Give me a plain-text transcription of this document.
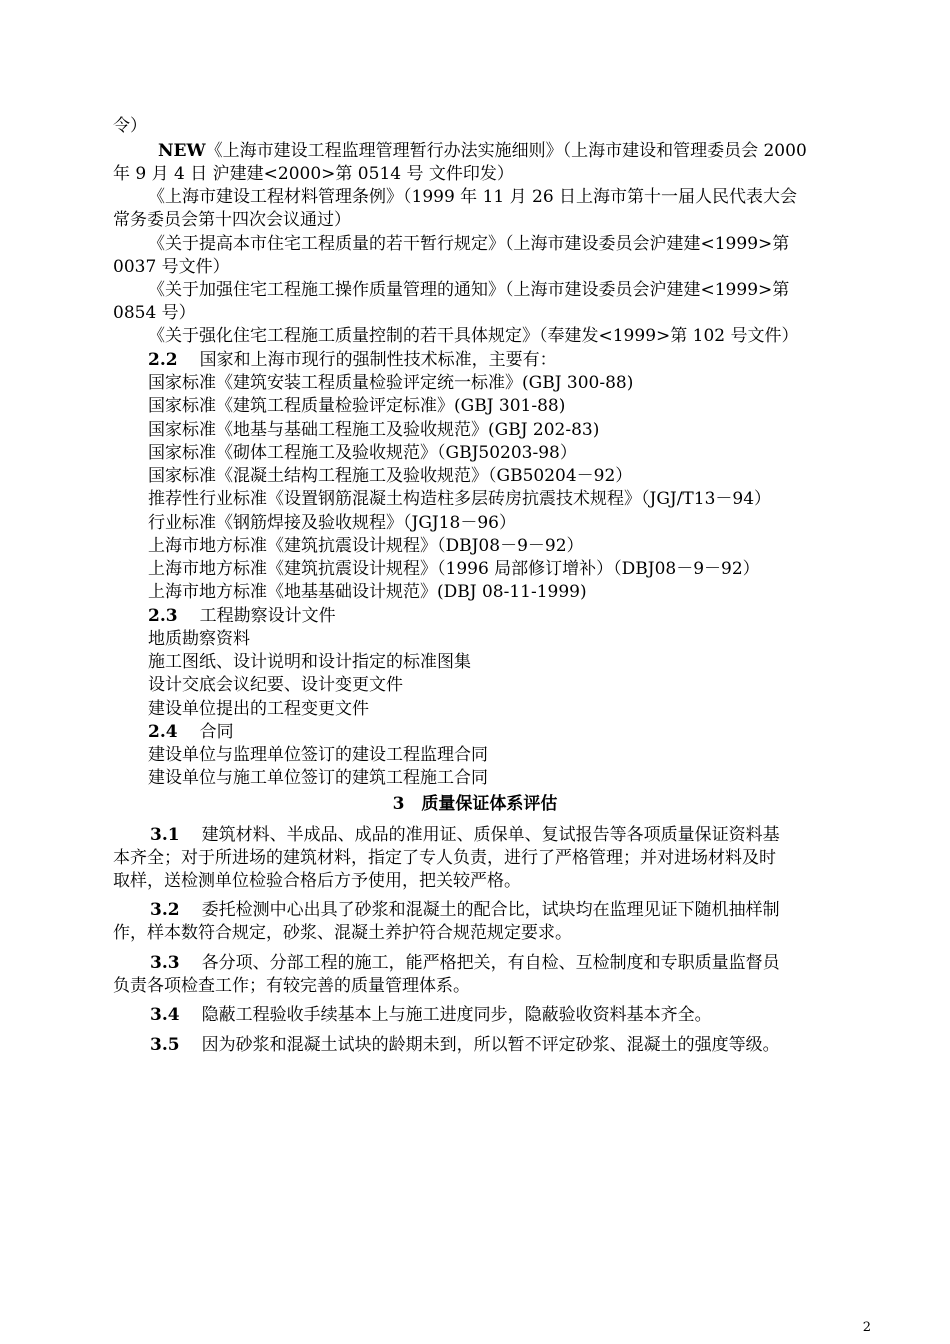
令）
NEW《上海市建设工程监理管理暂行办法实施细则》（上海市建设和管理委员会 2000
年 9 月 4 日 沪建建<2000>第 0514 号 文件印发）
《上海市建设工程材料管理条例》（1999 年 11 月 26 日上海市第十一届人民代表大会
常务委员会第十四次会议通过）
《关于提高本市住宅工程质量的若干暂行规定》（上海市建设委员会沪建建<1999>第
0037 号文件）
《关于加强住宅工程施工操作质量管理的通知》（上海市建设委员会沪建建<1999>第
0854 号）
《关于强化住宅工程施工质量控制的若干具体规定》（奉建发<1999>第 102 号文件）
2.2 国家和上海市现行的强制性技术标准，主要有：
国家标准《建筑安装工程质量检验评定统一标准》(GBJ 300-88)
国家标准《建筑工程质量检验评定标准》(GBJ 301-88)
国家标准《地基与基础工程施工及验收规范》(GBJ 202-83)
国家标准《砌体工程施工及验收规范》（GBJ50203-98）
国家标准《混凝土结构工程施工及验收规范》（GB50204－92）
推荐性行业标准《设置钢筋混凝土构造柱多层砖房抗震技术规程》（JGJ/T13－94）
行业标准《钢筋焊接及验收规程》（JGJ18－96）
上海市地方标准《建筑抗震设计规程》（DBJ08－9－92）
上海市地方标准《建筑抗震设计规程》（1996 局部修订增补）（DBJ08－9－92）
上海市地方标准《地基基础设计规范》(DBJ 08-11-1999)
2.3 工程勘察设计文件
地质勘察资料
施工图纸、设计说明和设计指定的标准图集
设计交底会议纪要、设计变更文件
建设单位提出的工程变更文件
2.4 合同
建设单位与监理单位签订的建设工程监理合同
建设单位与施工单位签订的建筑工程施工合同
3　质量保证体系评估
3.1 建筑材料、半成品、成品的准用证、质保单、复试报告等各项质量保证资料基
本齐全；对于所进场的建筑材料，指定了专人负责，进行了严格管理；并对进场材料及时
取样，送检测单位检验合格后方予使用，把关较严格。
3.2 委托检测中心出具了砂浆和混凝土的配合比，试块均在监理见证下随机抽样制
作，样本数符合规定，砂浆、混凝土养护符合规范规定要求。
3.3 各分项、分部工程的施工，能严格把关，有自检、互检制度和专职质量监督员
负责各项检查工作；有较完善的质量管理体系。
3.4 隐蔽工程验收手续基本上与施工进度同步，隐蔽验收资料基本齐全。
3.5 因为砂浆和混凝土试块的龄期未到，所以暂不评定砂浆、混凝土的强度等级。
2
